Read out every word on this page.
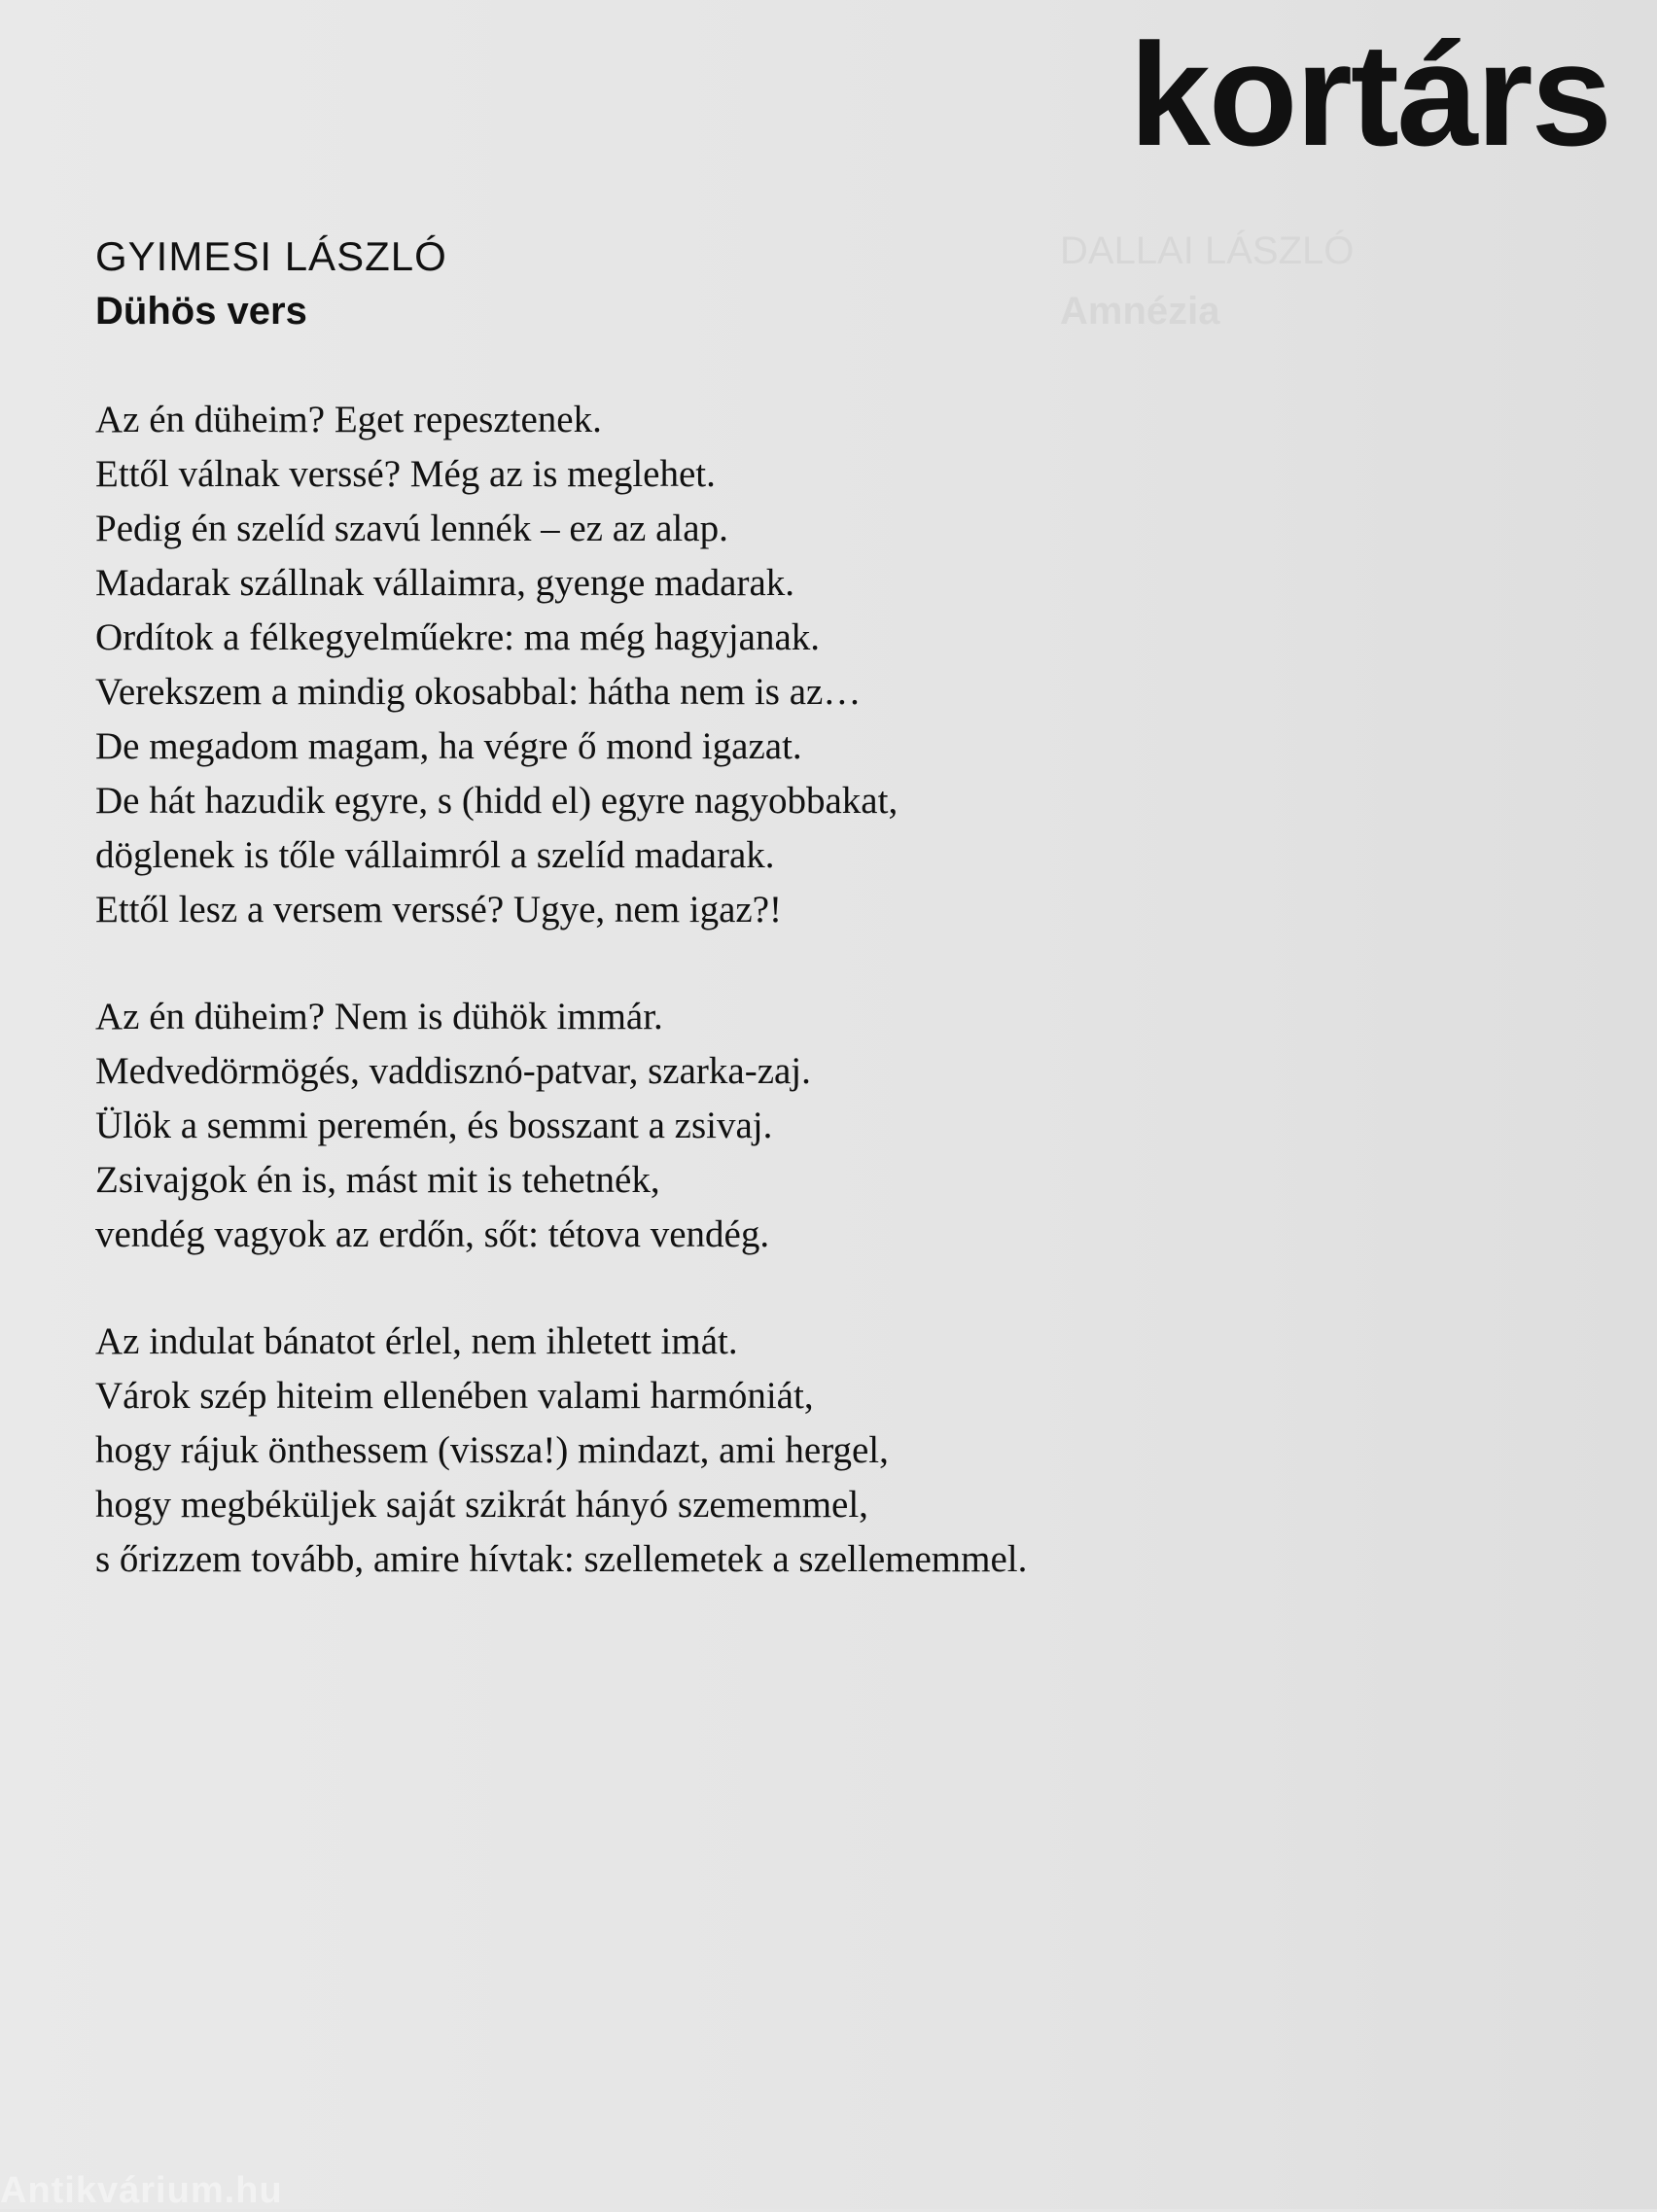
DALLAI LÁSZLÓ
Amnézia
kortárs
GYIMESI LÁSZLÓ
Dühös vers
Az én düheim? Eget repesztenek.
Ettől válnak verssé? Még az is meglehet.
Pedig én szelíd szavú lennék – ez az alap.
Madarak szállnak vállaimra, gyenge madarak.
Ordítok a félkegyelműekre: ma még hagyjanak.
Verekszem a mindig okosabbal: hátha nem is az…
De megadom magam, ha végre ő mond igazat.
De hát hazudik egyre, s (hidd el) egyre nagyobbakat,
döglenek is tőle vállaimról a szelíd madarak.
Ettől lesz a versem verssé? Ugye, nem igaz?!
Az én düheim? Nem is dühök immár.
Medvedörmögés, vaddisznó-patvar, szarka-zaj.
Ülök a semmi peremén, és bosszant a zsivaj.
Zsivajgok én is, mást mit is tehetnék,
vendég vagyok az erdőn, sőt: tétova vendég.
Az indulat bánatot érlel, nem ihletett imát.
Várok szép hiteim ellenében valami harmóniát,
hogy rájuk önthessem (vissza!) mindazt, ami hergel,
hogy megbéküljek saját szikrát hányó szememmel,
s őrizzem tovább, amire hívtak: szellemetek a szellememmel.
Antikvárium.hu
